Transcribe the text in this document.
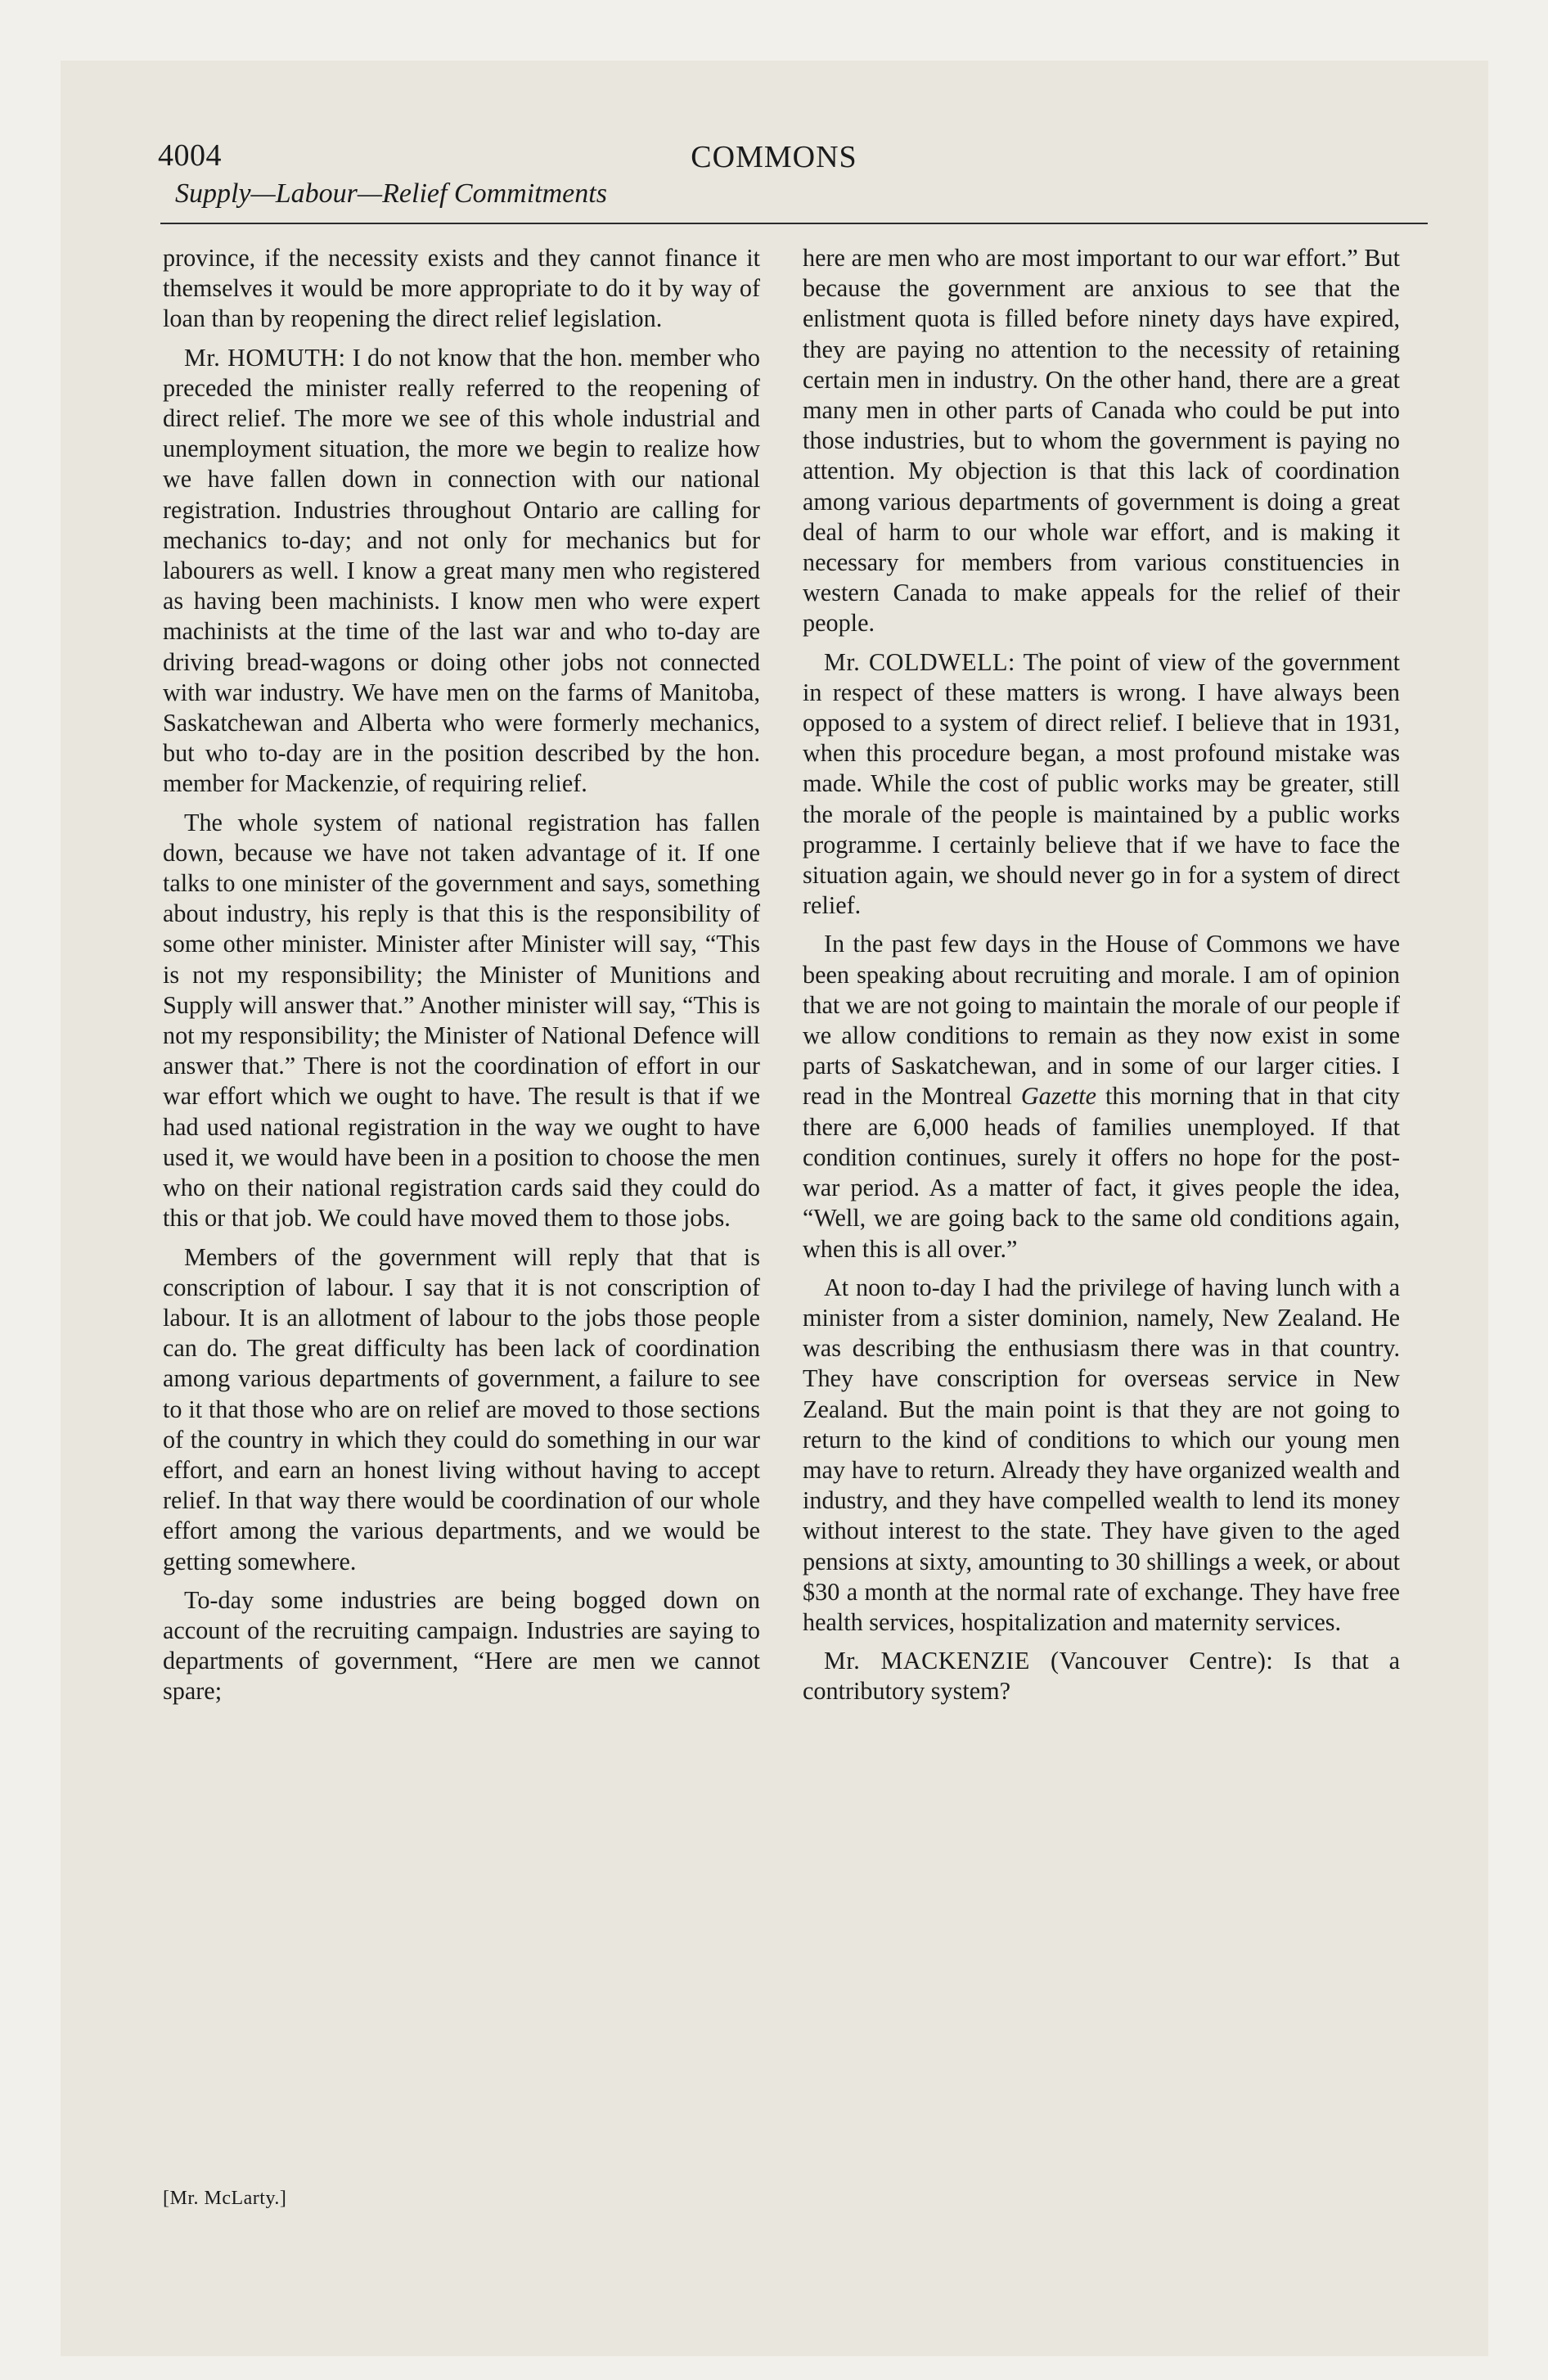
4004	COMMONS
Supply—Labour—Relief Commitments

province, if the necessity exists and they cannot finance it themselves it would be more appropriate to do it by way of loan than by reopening the direct relief legislation.

Mr. HOMUTH: I do not know that the hon. member who preceded the minister really referred to the reopening of direct relief. The more we see of this whole industrial and unemployment situation, the more we begin to realize how we have fallen down in connection with our national registration. Industries throughout Ontario are calling for mechanics to-day; and not only for mechanics but for labourers as well. I know a great many men who registered as having been machinists. I know men who were expert machinists at the time of the last war and who to-day are driving bread-wagons or doing other jobs not connected with war industry. We have men on the farms of Manitoba, Saskatchewan and Alberta who were formerly mechanics, but who to-day are in the position described by the hon. member for Mackenzie, of requiring relief.

The whole system of national registration has fallen down, because we have not taken advantage of it. If one talks to one minister of the government and says, something about industry, his reply is that this is the responsibility of some other minister. Minister after Minister will say, “This is not my responsibility; the Minister of Munitions and Supply will answer that.” Another minister will say, “This is not my responsibility; the Minister of National Defence will answer that.” There is not the coordination of effort in our war effort which we ought to have. The result is that if we had used national registration in the way we ought to have used it, we would have been in a position to choose the men who on their national registration cards said they could do this or that job. We could have moved them to those jobs.

Members of the government will reply that that is conscription of labour. I say that it is not conscription of labour. It is an allotment of labour to the jobs those people can do. The great difficulty has been lack of coordination among various departments of government, a failure to see to it that those who are on relief are moved to those sections of the country in which they could do something in our war effort, and earn an honest living without having to accept relief. In that way there would be coordination of our whole effort among the various departments, and we would be getting somewhere.

To-day some industries are being bogged down on account of the recruiting campaign. Industries are saying to departments of government, “Here are men we cannot spare;

[Mr. McLarty.]

here are men who are most important to our war effort.” But because the government are anxious to see that the enlistment quota is filled before ninety days have expired, they are paying no attention to the necessity of retaining certain men in industry. On the other hand, there are a great many men in other parts of Canada who could be put into those industries, but to whom the government is paying no attention. My objection is that this lack of coordination among various departments of government is doing a great deal of harm to our whole war effort, and is making it necessary for members from various constituencies in western Canada to make appeals for the relief of their people.

Mr. COLDWELL: The point of view of the government in respect of these matters is wrong. I have always been opposed to a system of direct relief. I believe that in 1931, when this procedure began, a most profound mistake was made. While the cost of public works may be greater, still the morale of the people is maintained by a public works programme. I certainly believe that if we have to face the situation again, we should never go in for a system of direct relief.

In the past few days in the House of Commons we have been speaking about recruiting and morale. I am of opinion that we are not going to maintain the morale of our people if we allow conditions to remain as they now exist in some parts of Saskatchewan, and in some of our larger cities. I read in the Montreal Gazette this morning that in that city there are 6,000 heads of families unemployed. If that condition continues, surely it offers no hope for the post-war period. As a matter of fact, it gives people the idea, “Well, we are going back to the same old conditions again, when this is all over.”

At noon to-day I had the privilege of having lunch with a minister from a sister dominion, namely, New Zealand. He was describing the enthusiasm there was in that country. They have conscription for overseas service in New Zealand. But the main point is that they are not going to return to the kind of conditions to which our young men may have to return. Already they have organized wealth and industry, and they have compelled wealth to lend its money without interest to the state. They have given to the aged pensions at sixty, amounting to 30 shillings a week, or about $30 a month at the normal rate of exchange. They have free health services, hospitalization and maternity services.

Mr. MACKENZIE (Vancouver Centre): Is that a contributory system?
